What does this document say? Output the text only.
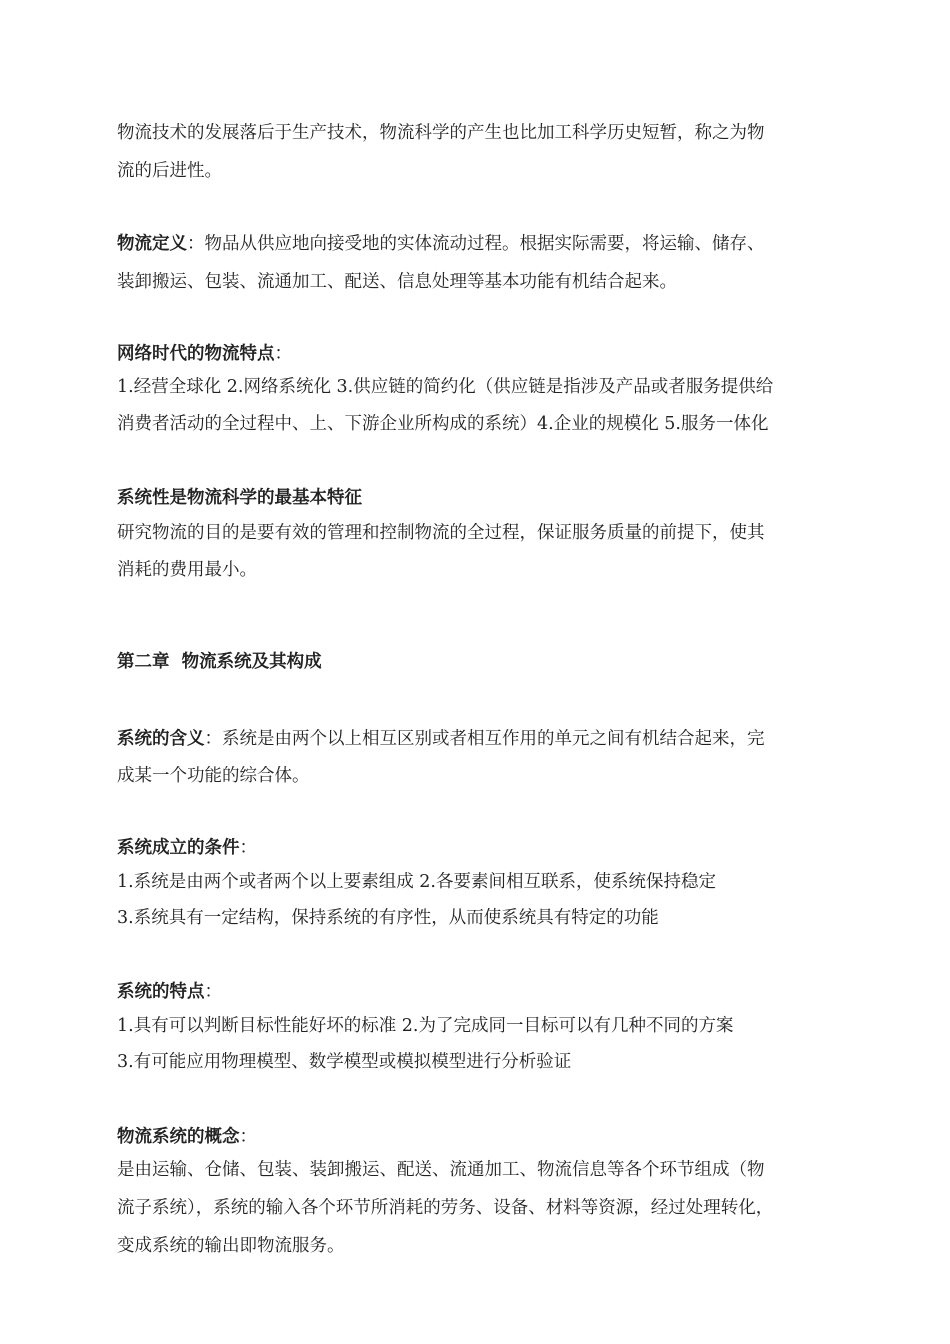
物流技术的发展落后于生产技术，物流科学的产生也比加工科学历史短暂，称之为物
流的后进性。
物流定义：物品从供应地向接受地的实体流动过程。根据实际需要，将运输、储存、
装卸搬运、包装、流通加工、配送、信息处理等基本功能有机结合起来。
网络时代的物流特点：
1.经营全球化 2.网络系统化 3.供应链的简约化（供应链是指涉及产品或者服务提供给
消费者活动的全过程中、上、下游企业所构成的系统）4.企业的规模化 5.服务一体化
系统性是物流科学的最基本特征
研究物流的目的是要有效的管理和控制物流的全过程，保证服务质量的前提下，使其
消耗的费用最小。
第二章  物流系统及其构成
系统的含义：系统是由两个以上相互区别或者相互作用的单元之间有机结合起来，完
成某一个功能的综合体。
系统成立的条件：
1.系统是由两个或者两个以上要素组成 2.各要素间相互联系，使系统保持稳定
3.系统具有一定结构，保持系统的有序性，从而使系统具有特定的功能
系统的特点：
1.具有可以判断目标性能好坏的标准 2.为了完成同一目标可以有几种不同的方案
3.有可能应用物理模型、数学模型或模拟模型进行分析验证
物流系统的概念：
是由运输、仓储、包装、装卸搬运、配送、流通加工、物流信息等各个环节组成（物
流子系统），系统的输入各个环节所消耗的劳务、设备、材料等资源，经过处理转化，
变成系统的输出即物流服务。
